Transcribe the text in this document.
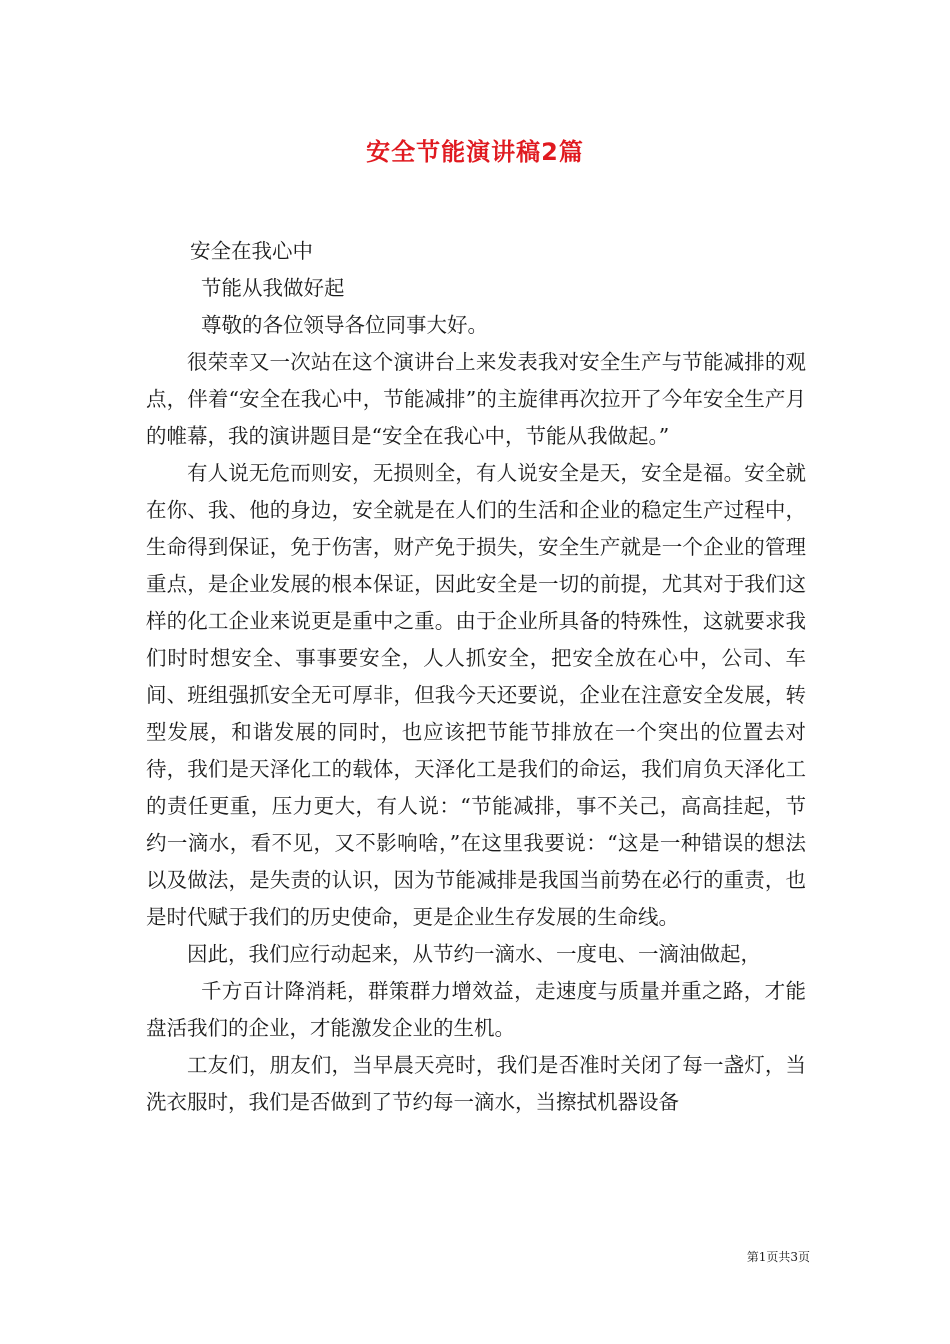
安全节能演讲稿2篇

安全在我心中

节能从我做好起

尊敬的各位领导各位同事大好。

很荣幸又一次站在这个演讲台上来发表我对安全生产与节能减排的观点，伴着“安全在我心中，节能减排”的主旋律再次拉开了今年安全生产月的帷幕，我的演讲题目是“安全在我心中，节能从我做起。”

有人说无危而则安，无损则全，有人说安全是天，安全是福。安全就在你、我、他的身边，安全就是在人们的生活和企业的稳定生产过程中，生命得到保证，免于伤害，财产免于损失，安全生产就是一个企业的管理重点，是企业发展的根本保证，因此安全是一切的前提，尤其对于我们这样的化工企业来说更是重中之重。由于企业所具备的特殊性，这就要求我们时时想安全、事事要安全，人人抓安全，把安全放在心中，公司、车间、班组强抓安全无可厚非，但我今天还要说，企业在注意安全发展，转型发展，和谐发展的同时，也应该把节能节排放在一个突出的位置去对待，我们是天泽化工的载体，天泽化工是我们的命运，我们肩负天泽化工的责任更重，压力更大，有人说：“节能减排，事不关己，高高挂起，节约一滴水，看不见，又不影响啥，”在这里我要说：“这是一种错误的想法以及做法，是失责的认识，因为节能减排是我国当前势在必行的重责，也是时代赋于我们的历史使命，更是企业生存发展的生命线。

因此，我们应行动起来，从节约一滴水、一度电、一滴油做起，

千方百计降消耗，群策群力增效益，走速度与质量并重之路，才能盘活我们的企业，才能激发企业的生机。

工友们，朋友们，当早晨天亮时，我们是否准时关闭了每一盏灯，当洗衣服时，我们是否做到了节约每一滴水，当擦拭机器设备

第1页共3页
